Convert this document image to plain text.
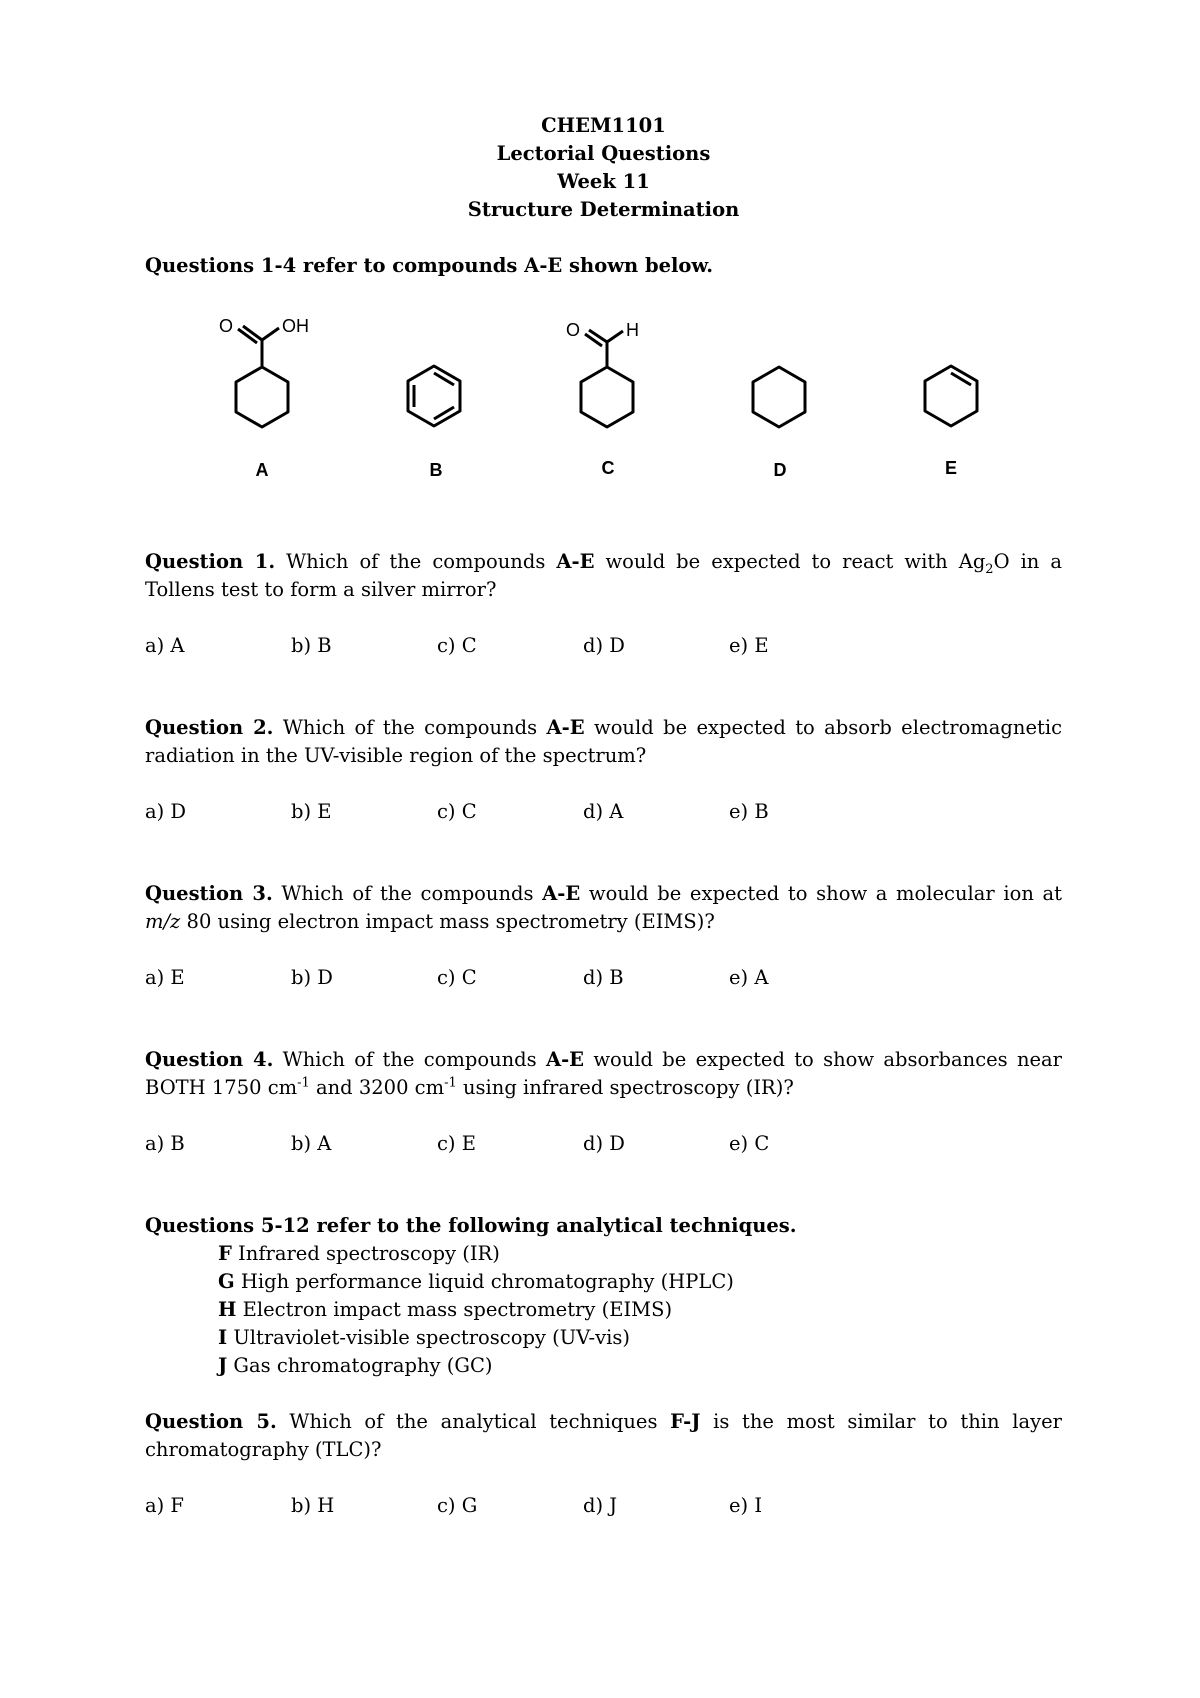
CHEM1101
Lectorial Questions
Week 11
Structure Determination
Questions 1-4 refer to compounds A-E shown below.
O	OH	O	H
A	B	C	D	E
Question 1. Which of the compounds A-E would be expected to react with $Ag_2O$ in a Tollens test to form a silver mirror?
a) A	b) B	c) C	d) D	e) E
Question 2. Which of the compounds A-E would be expected to absorb electromagnetic radiation in the UV-visible region of the spectrum?
a) D	b) E	c) C	d) A	e) B
Question 3. Which of the compounds A-E would be expected to show a molecular ion at m/z 80 using electron impact mass spectrometry (EIMS)?
a) E	b) D	c) C	d) B	e) A
Question 4. Which of the compounds A-E would be expected to show absorbances near BOTH 1750 $cm^{-1}$ and 3200 $cm^{-1}$ using infrared spectroscopy (IR)?
a) B	b) A	c) E	d) D	e) C
Questions 5-12 refer to the following analytical techniques.
F Infrared spectroscopy (IR)
G High performance liquid chromatography (HPLC)
H Electron impact mass spectrometry (EIMS)
I Ultraviolet-visible spectroscopy (UV-vis)
J Gas chromatography (GC)
Question 5. Which of the analytical techniques F-J is the most similar to thin layer chromatography (TLC)?
a) F	b) H	c) G	d) J	e) I
